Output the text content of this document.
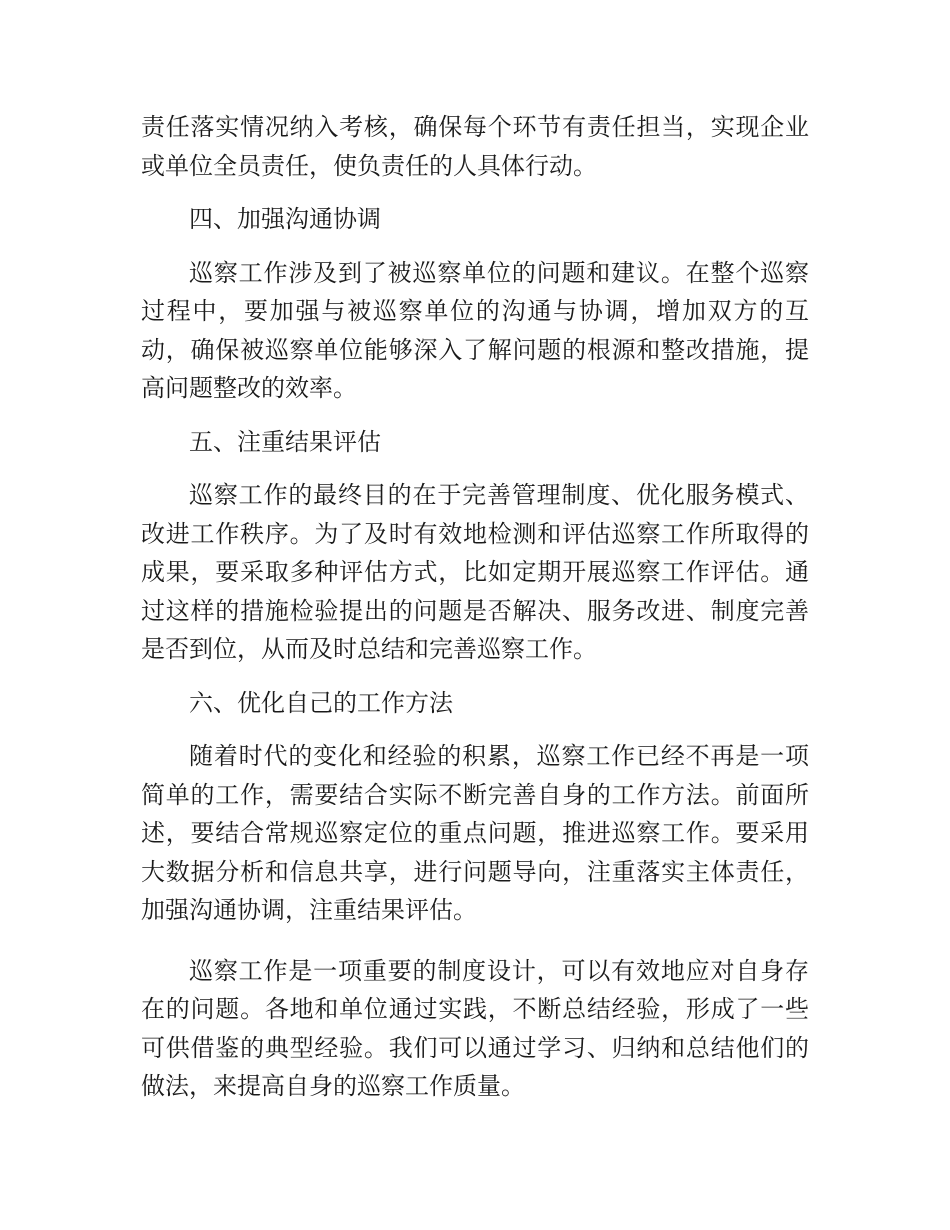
责任落实情况纳入考核，确保每个环节有责任担当，实现企业或单位全员责任，使负责任的人具体行动。

四、加强沟通协调

巡察工作涉及到了被巡察单位的问题和建议。在整个巡察过程中，要加强与被巡察单位的沟通与协调，增加双方的互动，确保被巡察单位能够深入了解问题的根源和整改措施，提高问题整改的效率。

五、注重结果评估

巡察工作的最终目的在于完善管理制度、优化服务模式、改进工作秩序。为了及时有效地检测和评估巡察工作所取得的成果，要采取多种评估方式，比如定期开展巡察工作评估。通过这样的措施检验提出的问题是否解决、服务改进、制度完善是否到位，从而及时总结和完善巡察工作。

六、优化自己的工作方法

随着时代的变化和经验的积累，巡察工作已经不再是一项简单的工作，需要结合实际不断完善自身的工作方法。前面所述，要结合常规巡察定位的重点问题，推进巡察工作。要采用大数据分析和信息共享，进行问题导向，注重落实主体责任，加强沟通协调，注重结果评估。

巡察工作是一项重要的制度设计，可以有效地应对自身存在的问题。各地和单位通过实践，不断总结经验，形成了一些可供借鉴的典型经验。我们可以通过学习、归纳和总结他们的做法，来提高自身的巡察工作质量。
